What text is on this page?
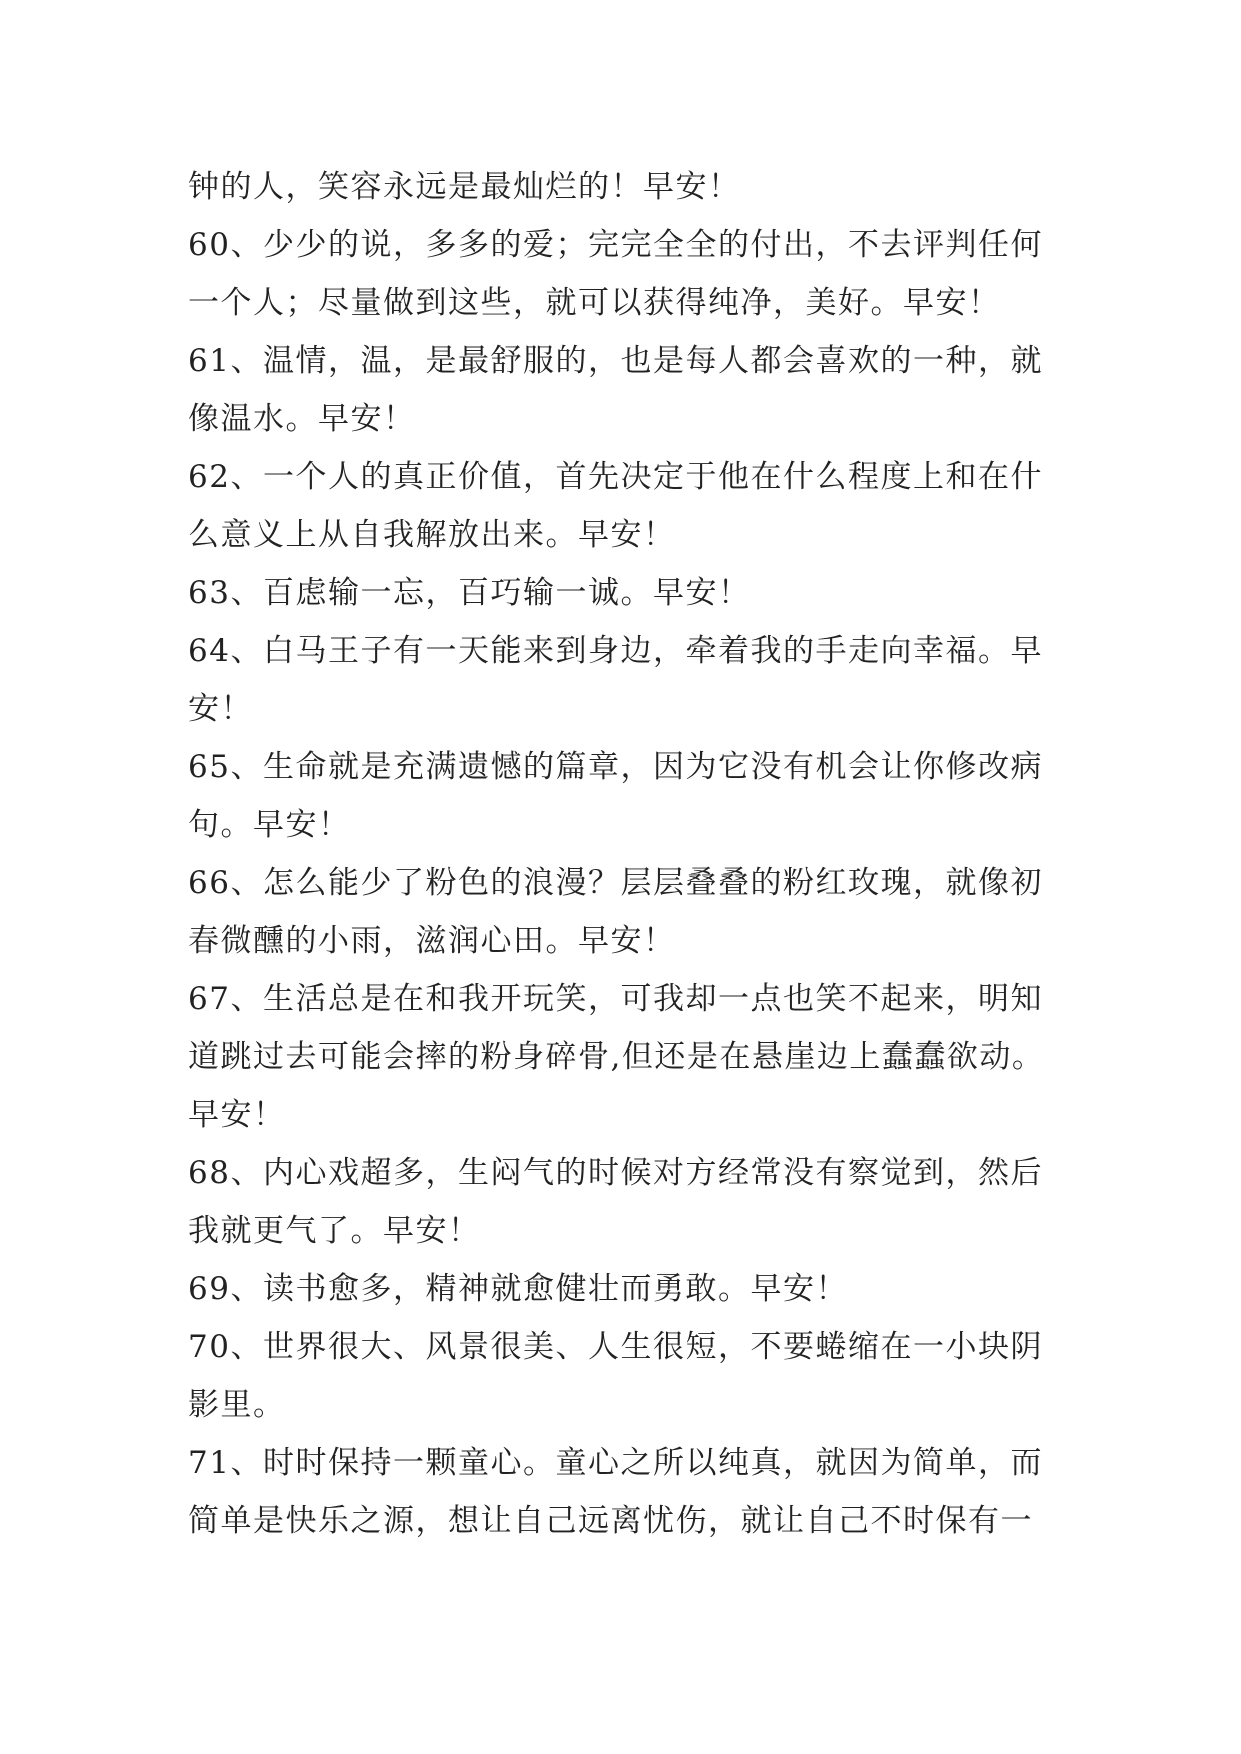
钟的人，笑容永远是最灿烂的！早安！
60、少少的说，多多的爱；完完全全的付出，不去评判任何
一个人；尽量做到这些，就可以获得纯净，美好。早安！
61、温情，温，是最舒服的，也是每人都会喜欢的一种，就
像温水。早安！
62、一个人的真正价值，首先决定于他在什么程度上和在什
么意义上从自我解放出来。早安！
63、百虑输一忘，百巧输一诚。早安！
64、白马王子有一天能来到身边，牵着我的手走向幸福。早
安！
65、生命就是充满遗憾的篇章，因为它没有机会让你修改病
句。早安！
66、怎么能少了粉色的浪漫？层层叠叠的粉红玫瑰，就像初
春微醺的小雨，滋润心田。早安！
67、生活总是在和我开玩笑，可我却一点也笑不起来，明知
道跳过去可能会摔的粉身碎骨,但还是在悬崖边上蠢蠢欲动。
早安！
68、内心戏超多，生闷气的时候对方经常没有察觉到，然后
我就更气了。早安！
69、读书愈多，精神就愈健壮而勇敢。早安！
70、世界很大、风景很美、人生很短，不要蜷缩在一小块阴
影里。
71、时时保持一颗童心。童心之所以纯真，就因为简单，而
简单是快乐之源，想让自己远离忧伤，就让自己不时保有一
